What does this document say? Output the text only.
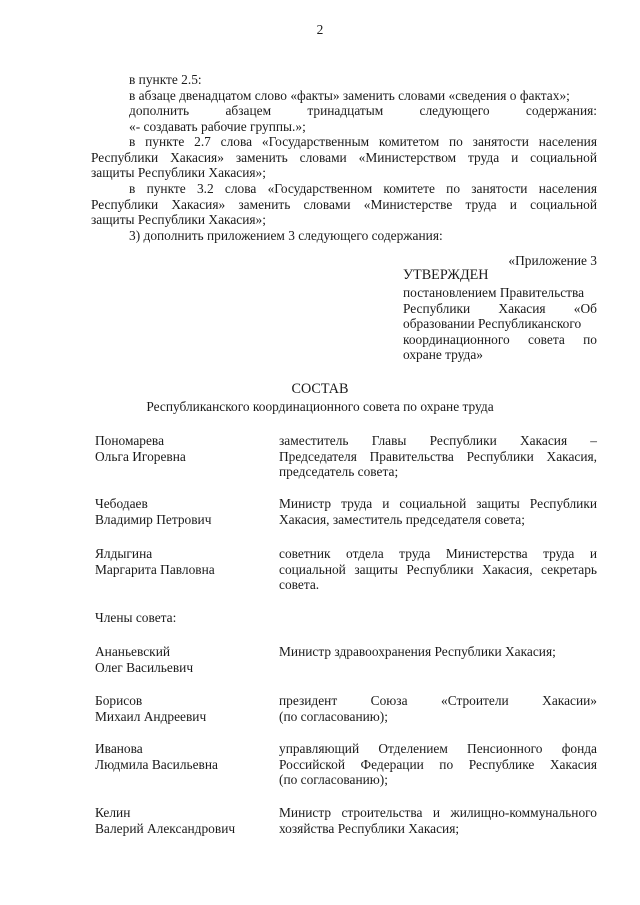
2
в пункте 2.5:
в абзаце двенадцатом слово «факты» заменить словами «сведения о фактах»;
дополнить абзацем тринадцатым следующего содержания:
«- создавать рабочие группы.»;
в пункте 2.7 слова «Государственным комитетом по занятости населения
Республики Хакасия» заменить словами «Министерством труда и социальной
защиты Республики Хакасия»;
в пункте 3.2 слова «Государственном комитете по занятости населения
Республики Хакасия» заменить словами «Министерстве труда и социальной
защиты Республики Хакасия»;
3) дополнить приложением 3 следующего содержания:
«Приложение 3
УТВЕРЖДЕН
постановлением Правительства
Республики Хакасия «Об
образовании Республиканского
координационного совета по
охране труда»
СОСТАВ
Республиканского координационного совета по охране труда
Пономарева
Ольга Игоревна
заместитель Главы Республики Хакасия –
Председателя Правительства Республики Хакасия,
председатель совета;
Чебодаев
Владимир Петрович
Министр труда и социальной защиты Республики
Хакасия, заместитель председателя совета;
Ялдыгина
Маргарита Павловна
советник отдела труда Министерства труда и
социальной защиты Республики Хакасия, секретарь
совета.
Члены совета:
Ананьевский
Олег Васильевич
Министр здравоохранения Республики Хакасия;
Борисов
Михаил Андреевич
президент Союза «Строители Хакасии»
(по согласованию);
Иванова
Людмила Васильевна
управляющий Отделением Пенсионного фонда
Российской Федерации по Республике Хакасия
(по согласованию);
Келин
Валерий Александрович
Министр строительства и жилищно-коммунального
хозяйства Республики Хакасия;
